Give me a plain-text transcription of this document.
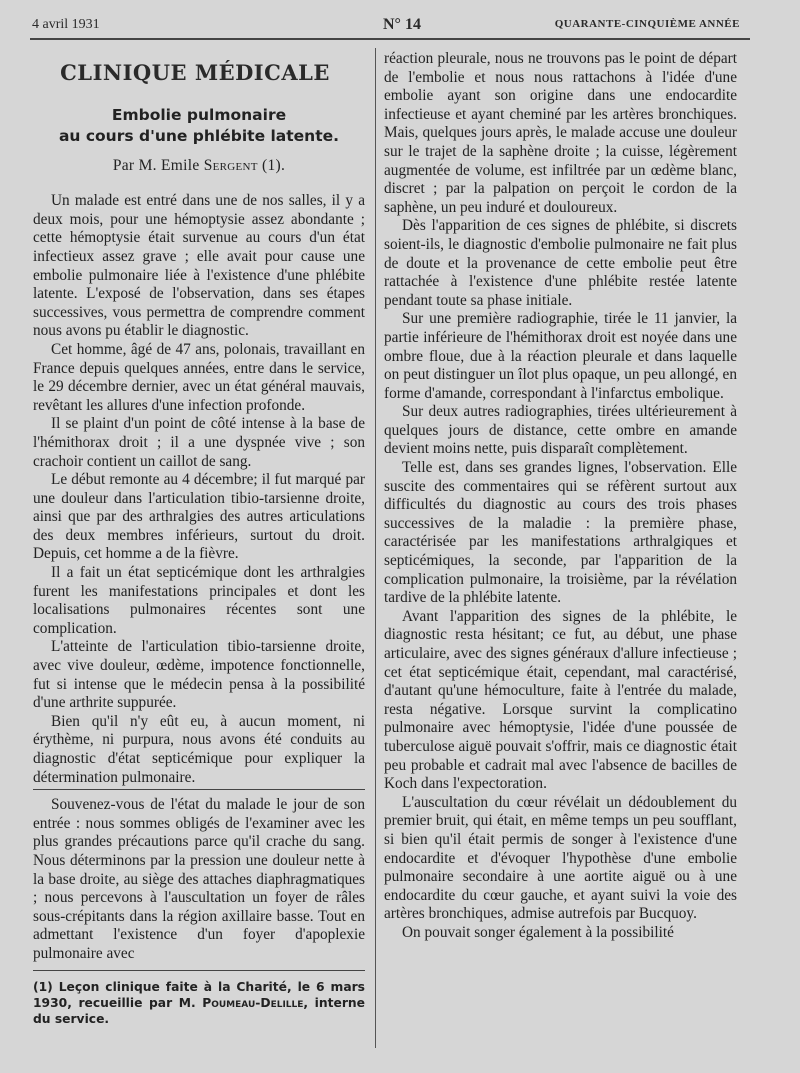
4 avril 1931	N° 14	QUARANTE-CINQUIÈME ANNÉE
CLINIQUE MÉDICALE
Embolie pulmonaire
au cours d'une phlébite latente.
Par M. Emile Sergent (1).

Un malade est entré dans une de nos salles, il y a deux mois, pour une hémoptysie assez abondante ; cette hémoptysie était survenue au cours d'un état infectieux assez grave ; elle avait pour cause une embolie pulmonaire liée à l'existence d'une phlébite latente. L'exposé de l'observation, dans ses étapes successives, vous permettra de comprendre comment nous avons pu établir le diagnostic.

Cet homme, âgé de 47 ans, polonais, travaillant en France depuis quelques années, entre dans le service, le 29 décembre dernier, avec un état général mauvais, revêtant les allures d'une infection profonde.

Il se plaint d'un point de côté intense à la base de l'hémithorax droit ; il a une dyspnée vive ; son crachoir contient un caillot de sang.

Le début remonte au 4 décembre; il fut marqué par une douleur dans l'articulation tibio-tarsienne droite, ainsi que par des arthralgies des autres articulations des deux membres inférieurs, surtout du droit. Depuis, cet homme a de la fièvre.

Il a fait un état septicémique dont les arthralgies furent les manifestations principales et dont les localisations pulmonaires récentes sont une complication.

L'atteinte de l'articulation tibio-tarsienne droite, avec vive douleur, œdème, impotence fonctionnelle, fut si intense que le médecin pensa à la possibilité d'une arthrite suppurée.

Bien qu'il n'y eût eu, à aucun moment, ni érythème, ni purpura, nous avons été conduits au diagnostic d'état septicémique pour expliquer la détermination pulmonaire.

Souvenez-vous de l'état du malade le jour de son entrée : nous sommes obligés de l'examiner avec les plus grandes précautions parce qu'il crache du sang. Nous déterminons par la pression une douleur nette à la base droite, au siège des attaches diaphragmatiques ; nous percevons à l'auscultation un foyer de râles sous-crépitants dans la région axillaire basse. Tout en admettant l'existence d'un foyer d'apoplexie pulmonaire avec

(1) Leçon clinique faite à la Charité, le 6 mars 1930, recueillie par M. Poumeau-Delille, interne du service.

réaction pleurale, nous ne trouvons pas le point de départ de l'embolie et nous nous rattachons à l'idée d'une embolie ayant son origine dans une endocardite infectieuse et ayant cheminé par les artères bronchiques. Mais, quelques jours après, le malade accuse une douleur sur le trajet de la saphène droite ; la cuisse, légèrement augmentée de volume, est infiltrée par un œdème blanc, discret ; par la palpation on perçoit le cordon de la saphène, un peu induré et douloureux.

Dès l'apparition de ces signes de phlébite, si discrets soient-ils, le diagnostic d'embolie pulmonaire ne fait plus de doute et la provenance de cette embolie peut être rattachée à l'existence d'une phlébite restée latente pendant toute sa phase initiale.

Sur une première radiographie, tirée le 11 janvier, la partie inférieure de l'hémithorax droit est noyée dans une ombre floue, due à la réaction pleurale et dans laquelle on peut distinguer un îlot plus opaque, un peu allongé, en forme d'amande, correspondant à l'infarctus embolique.

Sur deux autres radiographies, tirées ultérieurement à quelques jours de distance, cette ombre en amande devient moins nette, puis disparaît complètement.

Telle est, dans ses grandes lignes, l'observation. Elle suscite des commentaires qui se réfèrent surtout aux difficultés du diagnostic au cours des trois phases successives de la maladie : la première phase, caractérisée par les manifestations arthralgiques et septicémiques, la seconde, par l'apparition de la complication pulmonaire, la troisième, par la révélation tardive de la phlébite latente.

Avant l'apparition des signes de la phlébite, le diagnostic resta hésitant; ce fut, au début, une phase articulaire, avec des signes généraux d'allure infectieuse ; cet état septicémique était, cependant, mal caractérisé, d'autant qu'une hémoculture, faite à l'entrée du malade, resta négative. Lorsque survint la complicatino pulmonaire avec hémoptysie, l'idée d'une poussée de tuberculose aiguë pouvait s'offrir, mais ce diagnostic était peu probable et cadrait mal avec l'absence de bacilles de Koch dans l'expectoration.

L'auscultation du cœur révélait un dédoublement du premier bruit, qui était, en même temps un peu soufflant, si bien qu'il était permis de songer à l'existence d'une endocardite et d'évoquer l'hypothèse d'une embolie pulmonaire secondaire à une aortite aiguë ou à une endocardite du cœur gauche, et ayant suivi la voie des artères bronchiques, admise autrefois par Bucquoy.

On pouvait songer également à la possibilité
